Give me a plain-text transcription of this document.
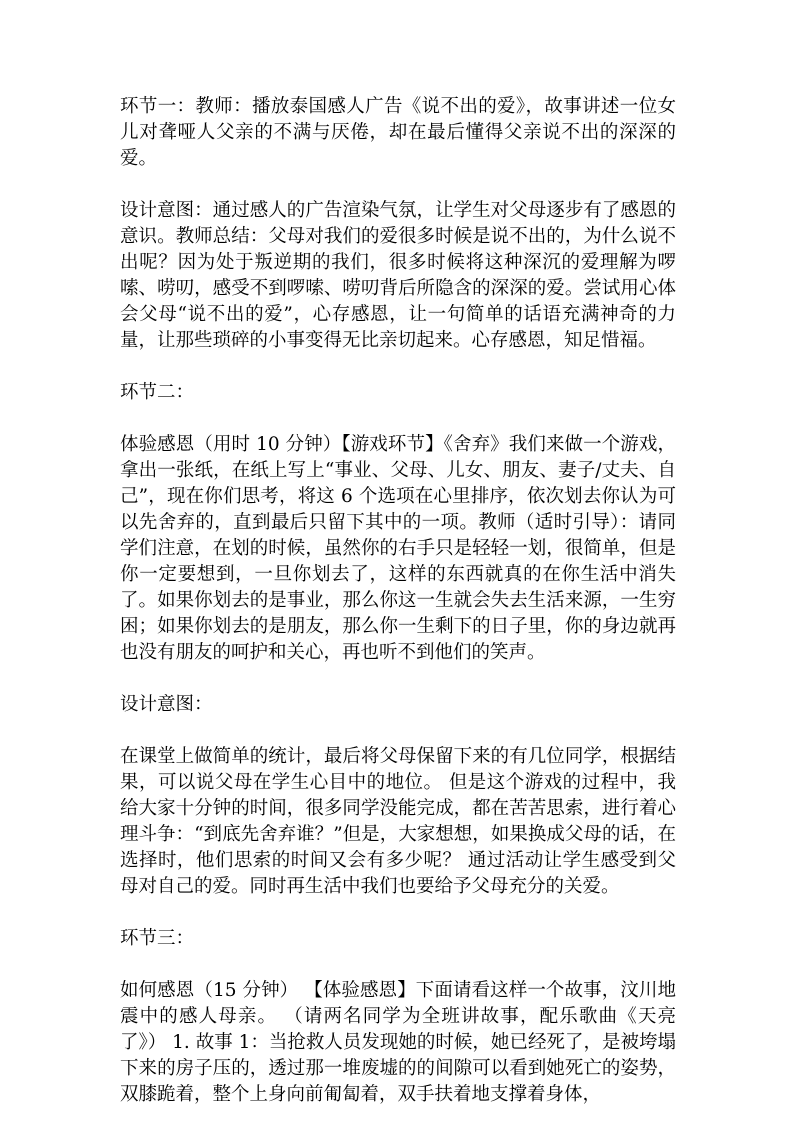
环节一：教师：播放泰国感人广告《说不出的爱》，故事讲述一位女儿对聋哑人父亲的不满与厌倦，却在最后懂得父亲说不出的深深的爱。

设计意图：通过感人的广告渲染气氛，让学生对父母逐步有了感恩的意识。教师总结：父母对我们的爱很多时候是说不出的，为什么说不出呢？因为处于叛逆期的我们，很多时候将这种深沉的爱理解为啰嗦、唠叨，感受不到啰嗦、唠叨背后所隐含的深深的爱。尝试用心体会父母“说不出的爱”，心存感恩，让一句简单的话语充满神奇的力量，让那些琐碎的小事变得无比亲切起来。心存感恩，知足惜福。

环节二：

体验感恩（用时 10 分钟）【游戏环节】《舍弃》我们来做一个游戏，拿出一张纸，在纸上写上“事业、父母、儿女、朋友、妻子/丈夫、自己”，现在你们思考，将这 6 个选项在心里排序，依次划去你认为可以先舍弃的，直到最后只留下其中的一项。教师（适时引导）：请同学们注意，在划的时候，虽然你的右手只是轻轻一划，很简单，但是你一定要想到，一旦你划去了，这样的东西就真的在你生活中消失了。如果你划去的是事业，那么你这一生就会失去生活来源，一生穷困；如果你划去的是朋友，那么你一生剩下的日子里，你的身边就再也没有朋友的呵护和关心，再也听不到他们的笑声。

设计意图：

在课堂上做简单的统计，最后将父母保留下来的有几位同学，根据结果，可以说父母在学生心目中的地位。 但是这个游戏的过程中，我给大家十分钟的时间，很多同学没能完成，都在苦苦思索，进行着心理斗争：“到底先舍弃谁？”但是，大家想想，如果换成父母的话，在选择时，他们思索的时间又会有多少呢？ 通过活动让学生感受到父母对自己的爱。同时再生活中我们也要给予父母充分的关爱。

环节三：

如何感恩（15 分钟） 【体验感恩】下面请看这样一个故事，汶川地震中的感人母亲。 （请两名同学为全班讲故事，配乐歌曲《天亮了》） 1. 故事 1：当抢救人员发现她的时候，她已经死了，是被垮塌下来的房子压的，透过那一堆废墟的的间隙可以看到她死亡的姿势，双膝跪着，整个上身向前匍匐着，双手扶着地支撑着身体，
